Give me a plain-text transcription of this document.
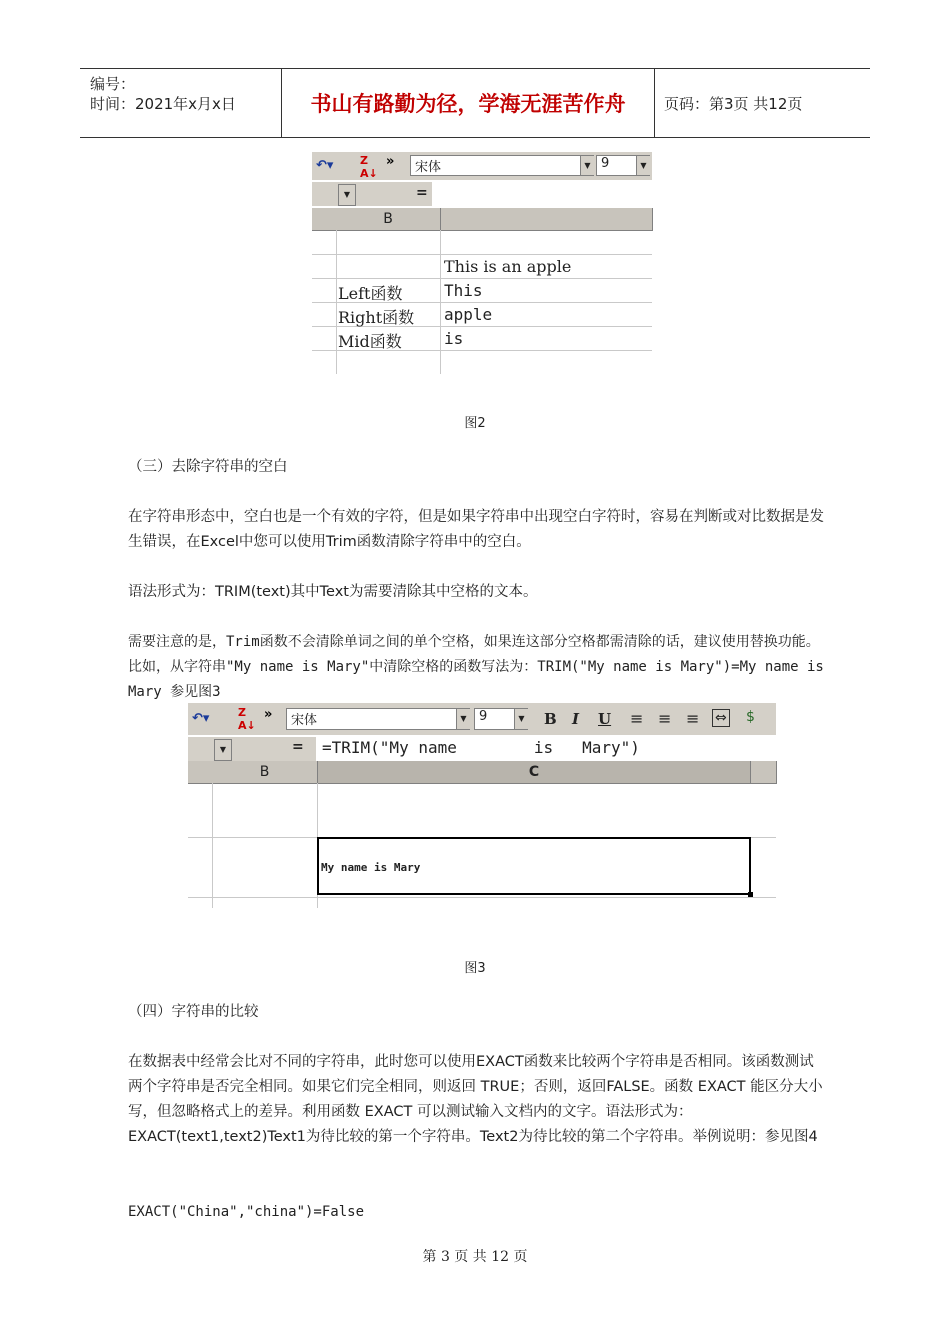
编号：
时间：2021年x月x日	书山有路勤为径，学海无涯苦作舟	页码：第3页 共12页
↶▾ Z
A↓
»	宋体	▼ 9	▼
▼	=
B
This is an apple
Left函数	This
Right函数 apple
Mid函数	is
图2
（三）去除字符串的空白
在字符串形态中，空白也是一个有效的字符，但是如果字符串中出现空白字符时，容易在判断或对比数据是发生错误，在Excel中您可以使用Trim函数清除字符串中的空白。
语法形式为：TRIM(text)其中Text为需要清除其中空格的文本。
需要注意的是，Trim函数不会清除单词之间的单个空格，如果连这部分空格都需清除的话，建议使用替换功能。比如，从字符串"My name is Mary"中清除空格的函数写法为：TRIM("My name is Mary")=My name is Mary 参见图3
↶▾	Z
A↓
»	宋体	▼ 9	▼ B I U ≡ ≡ ≡ ⇔ $
▼	= =TRIM("My name        is   Mary")
B	C
My name is Mary
图3
（四）字符串的比较
在数据表中经常会比对不同的字符串，此时您可以使用EXACT函数来比较两个字符串是否相同。该函数测试两个字符串是否完全相同。如果它们完全相同，则返回 TRUE；否则，返回FALSE。函数 EXACT 能区分大小写，但忽略格式上的差异。利用函数 EXACT 可以测试输入文档内的文字。语法形式为：EXACT(text1,text2)Text1为待比较的第一个字符串。Text2为待比较的第二个字符串。举例说明：参见图4
EXACT("China","china")=False
第 3 页 共 12 页
